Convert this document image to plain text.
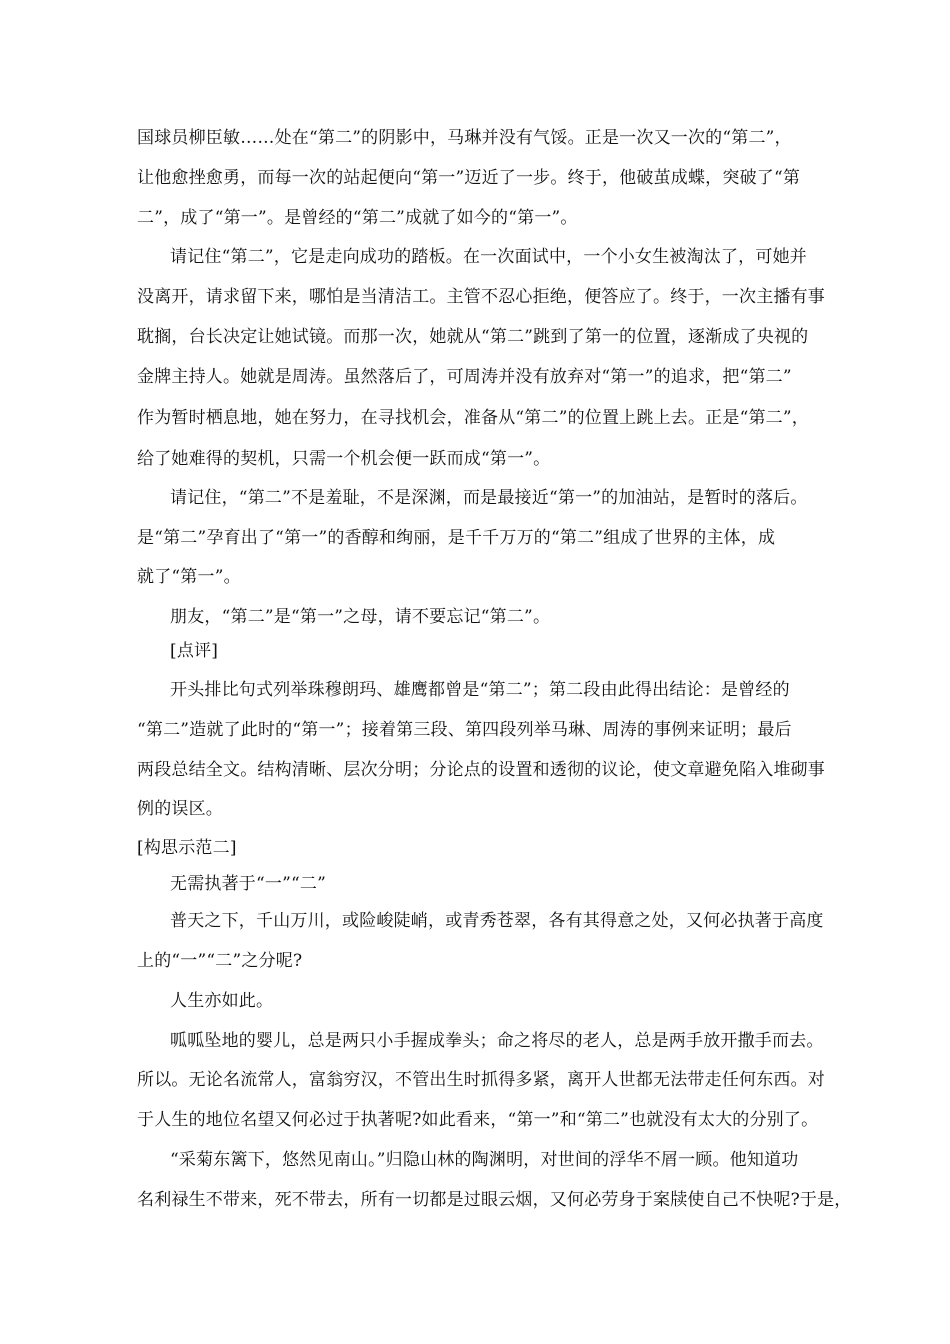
国球员柳臣敏……处在“第二”的阴影中，马琳并没有气馁。正是一次又一次的“第二”，
让他愈挫愈勇，而每一次的站起便向“第一”迈近了一步。终于，他破茧成蝶，突破了“第
二”，成了“第一”。是曾经的“第二”成就了如今的“第一”。
请记住“第二”，它是走向成功的踏板。在一次面试中，一个小女生被淘汰了，可她并
没离开，请求留下来，哪怕是当清洁工。主管不忍心拒绝，便答应了。终于，一次主播有事
耽搁，台长决定让她试镜。而那一次，她就从“第二”跳到了第一的位置，逐渐成了央视的
金牌主持人。她就是周涛。虽然落后了，可周涛并没有放弃对“第一”的追求，把“第二”
作为暂时栖息地，她在努力，在寻找机会，准备从“第二”的位置上跳上去。正是“第二”，
给了她难得的契机，只需一个机会便一跃而成“第一”。
请记住，“第二”不是羞耻，不是深渊，而是最接近“第一”的加油站，是暂时的落后。
是“第二”孕育出了“第一”的香醇和绚丽，是千千万万的“第二”组成了世界的主体，成
就了“第一”。
朋友，“第二”是“第一”之母，请不要忘记“第二”。
[点评]
开头排比句式列举珠穆朗玛、雄鹰都曾是“第二”；第二段由此得出结论：是曾经的
“第二”造就了此时的“第一”；接着第三段、第四段列举马琳、周涛的事例来证明；最后
两段总结全文。结构清晰、层次分明；分论点的设置和透彻的议论，使文章避免陷入堆砌事
例的误区。
[构思示范二]
无需执著于“一”“二”
普天之下，千山万川，或险峻陡峭，或青秀苍翠，各有其得意之处，又何必执著于高度
上的“一”“二”之分呢?
人生亦如此。
呱呱坠地的婴儿，总是两只小手握成拳头；命之将尽的老人，总是两手放开撒手而去。
所以。无论名流常人，富翁穷汉，不管出生时抓得多紧，离开人世都无法带走任何东西。对
于人生的地位名望又何必过于执著呢?如此看来，“第一”和“第二”也就没有太大的分别了。
“采菊东篱下，悠然见南山。”归隐山林的陶渊明，对世间的浮华不屑一顾。他知道功
名利禄生不带来，死不带去，所有一切都是过眼云烟，又何必劳身于案牍使自己不快呢?于是，
